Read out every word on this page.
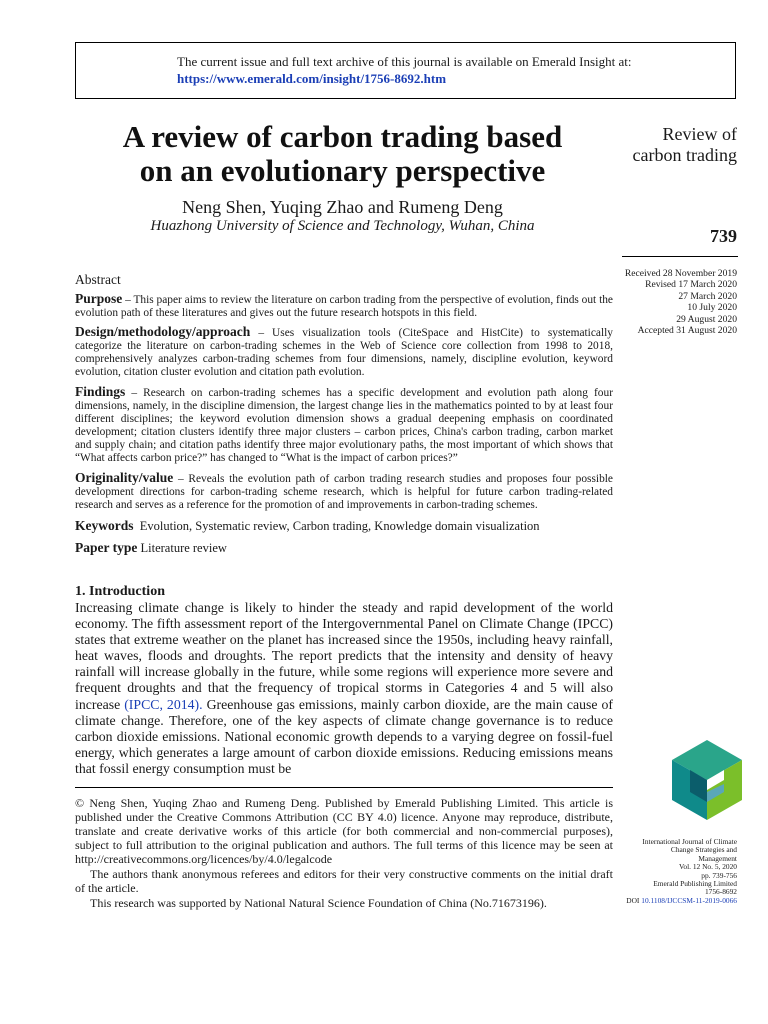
The current issue and full text archive of this journal is available on Emerald Insight at:
https://www.emerald.com/insight/1756-8692.htm
A review of carbon trading based
on an evolutionary perspective
Neng Shen, Yuqing Zhao and Rumeng Deng
Huazhong University of Science and Technology, Wuhan, China
Review of
carbon trading
739
Received 28 November 2019
Revised 17 March 2020
27 March 2020
10 July 2020
29 August 2020
Accepted 31 August 2020
Abstract
Purpose – This paper aims to review the literature on carbon trading from the perspective of evolution, finds out the evolution path of these literatures and gives out the future research hotspots in this field.
Design/methodology/approach – Uses visualization tools (CiteSpace and HistCite) to systematically categorize the literature on carbon-trading schemes in the Web of Science core collection from 1998 to 2018, comprehensively analyzes carbon-trading schemes from four dimensions, namely, discipline evolution, keyword evolution, citation cluster evolution and citation path evolution.
Findings – Research on carbon-trading schemes has a specific development and evolution path along four dimensions, namely, in the discipline dimension, the largest change lies in the mathematics pointed to by at least four different disciplines; the keyword evolution dimension shows a gradual deepening emphasis on coordinated development; citation clusters identify three major clusters – carbon prices, China's carbon trading, carbon market and supply chain; and citation paths identify three major evolutionary paths, the most important of which shows that “What affects carbon price?” has changed to “What is the impact of carbon prices?”
Originality/value – Reveals the evolution path of carbon trading research studies and proposes four possible development directions for carbon-trading scheme research, which is helpful for future carbon trading-related research and serves as a reference for the promotion of and improvements in carbon-trading schemes.
Keywords Evolution, Systematic review, Carbon trading, Knowledge domain visualization
Paper type Literature review
1. Introduction
Increasing climate change is likely to hinder the steady and rapid development of the world economy. The fifth assessment report of the Intergovernmental Panel on Climate Change (IPCC) states that extreme weather on the planet has increased since the 1950s, including heavy rainfall, heat waves, floods and droughts. The report predicts that the intensity and density of heavy rainfall will increase globally in the future, while some regions will experience more severe and frequent droughts and that the frequency of tropical storms in Categories 4 and 5 will also increase (IPCC, 2014). Greenhouse gas emissions, mainly carbon dioxide, are the main cause of climate change. Therefore, one of the key aspects of climate change governance is to reduce carbon dioxide emissions. National economic growth depends to a varying degree on fossil-fuel energy, which generates a large amount of carbon dioxide emissions. Reducing emissions means that fossil energy consumption must be
© Neng Shen, Yuqing Zhao and Rumeng Deng. Published by Emerald Publishing Limited. This article is published under the Creative Commons Attribution (CC BY 4.0) licence. Anyone may reproduce, distribute, translate and create derivative works of this article (for both commercial and non-commercial purposes), subject to full attribution to the original publication and authors. The full terms of this licence may be seen at http://creativecommons.org/licences/by/4.0/legalcode
The authors thank anonymous referees and editors for their very constructive comments on the initial draft of the article.
This research was supported by National Natural Science Foundation of China (No.71673196).
International Journal of Climate
Change Strategies and
Management
Vol. 12 No. 5, 2020
pp. 739-756
Emerald Publishing Limited
1756-8692
DOI 10.1108/IJCCSM-11-2019-0066
